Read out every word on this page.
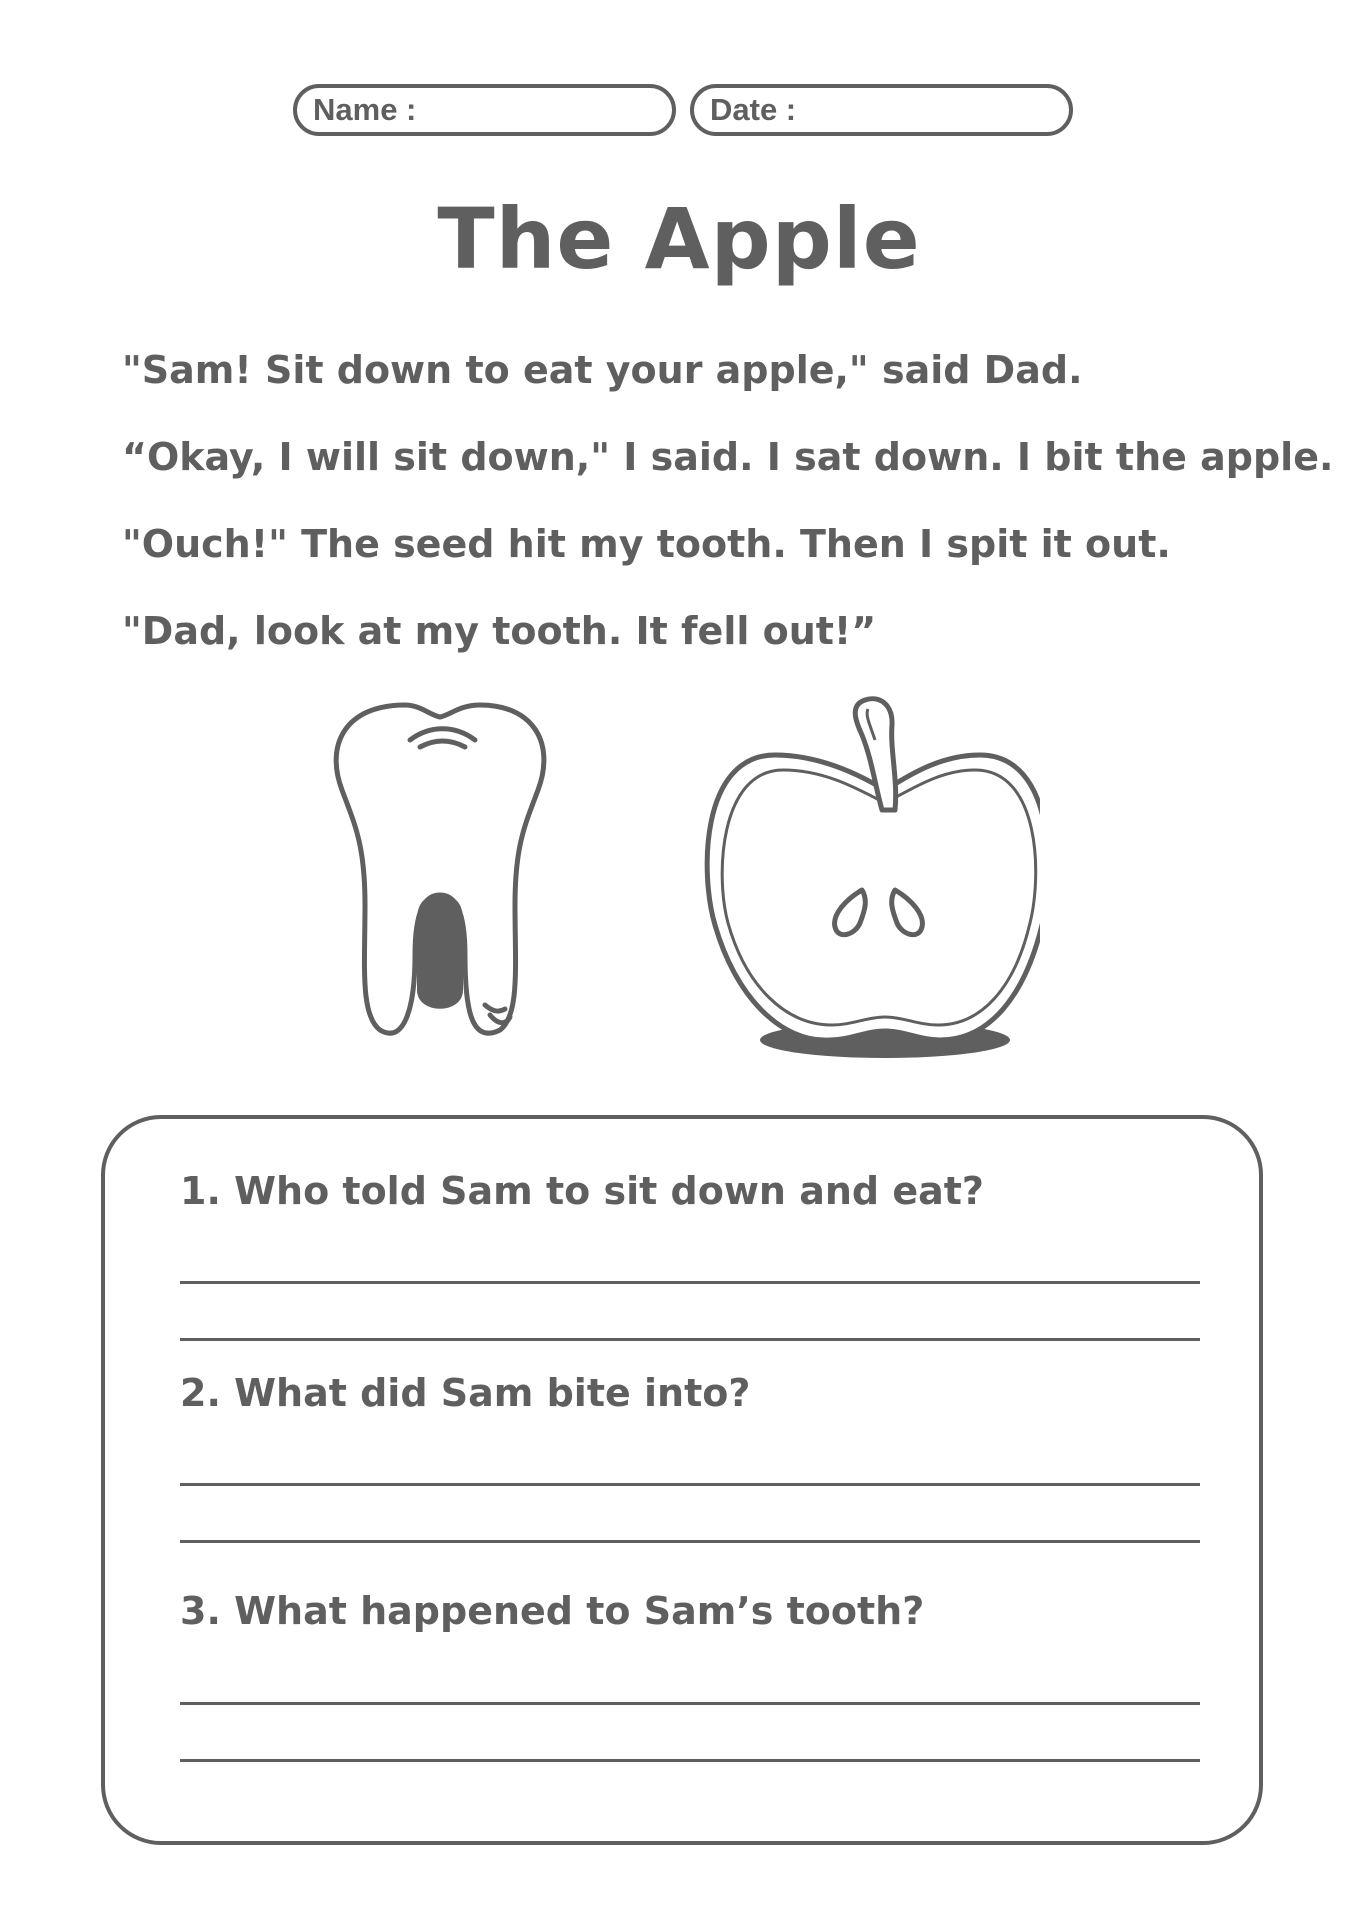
Name :	Date :
The Apple
"Sam! Sit down to eat your apple," said Dad.
“Okay, I will sit down," I said. I sat down. I bit the apple.
"Ouch!" The seed hit my tooth. Then I spit it out.
"Dad, look at my tooth. It fell out!”
1. Who told Sam to sit down and eat?
2. What did Sam bite into?
3. What happened to Sam’s tooth?
